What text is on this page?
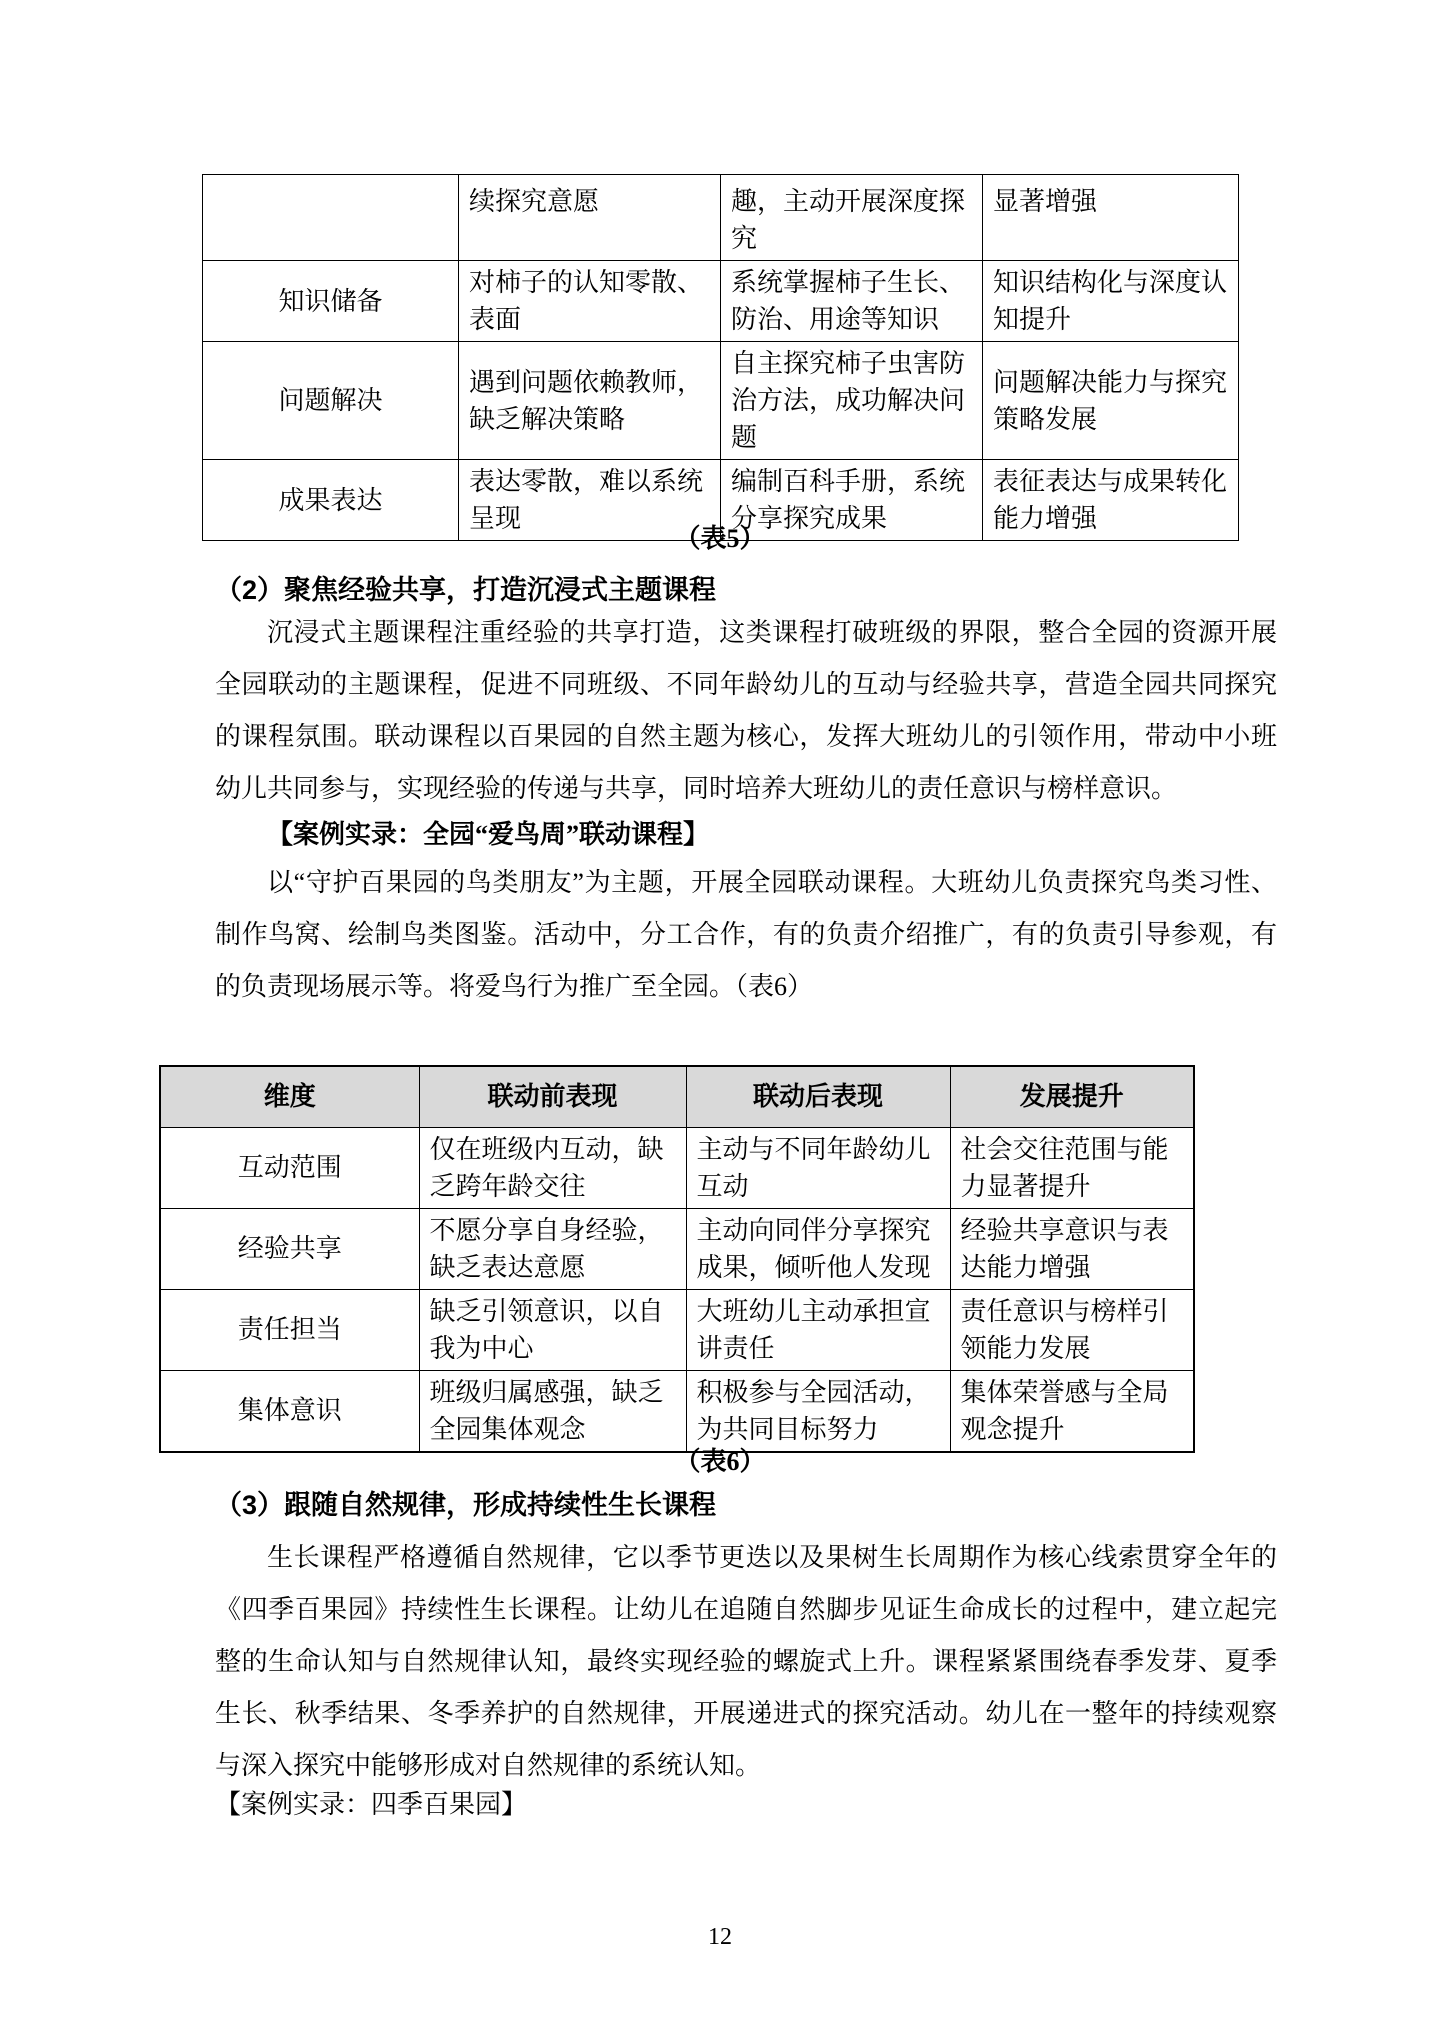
	续探究意愿	趣，主动开展深度探究	显著增强
知识储备	对柿子的认知零散、表面	系统掌握柿子生长、防治、用途等知识	知识结构化与深度认知提升
问题解决	遇到问题依赖教师，缺乏解决策略	自主探究柿子虫害防治方法，成功解决问题	问题解决能力与探究策略发展
成果表达	表达零散，难以系统呈现	编制百科手册，系统分享探究成果	表征表达与成果转化能力增强
（表5）
（2）聚焦经验共享，打造沉浸式主题课程
沉浸式主题课程注重经验的共享打造，这类课程打破班级的界限，整合全园的资源开展全园联动的主题课程，促进不同班级、不同年龄幼儿的互动与经验共享，营造全园共同探究的课程氛围。联动课程以百果园的自然主题为核心，发挥大班幼儿的引领作用，带动中小班幼儿共同参与，实现经验的传递与共享，同时培养大班幼儿的责任意识与榜样意识。
【案例实录：全园“爱鸟周”联动课程】
以“守护百果园的鸟类朋友”为主题，开展全园联动课程。大班幼儿负责探究鸟类习性、制作鸟窝、绘制鸟类图鉴。活动中，分工合作，有的负责介绍推广，有的负责引导参观，有的负责现场展示等。将爱鸟行为推广至全园。（表6）
维度	联动前表现	联动后表现	发展提升
互动范围	仅在班级内互动，缺乏跨年龄交往	主动与不同年龄幼儿互动	社会交往范围与能力显著提升
经验共享	不愿分享自身经验，缺乏表达意愿	主动向同伴分享探究成果，倾听他人发现	经验共享意识与表达能力增强
责任担当	缺乏引领意识，以自我为中心	大班幼儿主动承担宣讲责任	责任意识与榜样引领能力发展
集体意识	班级归属感强，缺乏全园集体观念	积极参与全园活动，为共同目标努力	集体荣誉感与全局观念提升
（表6）
（3）跟随自然规律，形成持续性生长课程
生长课程严格遵循自然规律，它以季节更迭以及果树生长周期作为核心线索贯穿全年的《四季百果园》持续性生长课程。让幼儿在追随自然脚步见证生命成长的过程中，建立起完整的生命认知与自然规律认知，最终实现经验的螺旋式上升。课程紧紧围绕春季发芽、夏季生长、秋季结果、冬季养护的自然规律，开展递进式的探究活动。幼儿在一整年的持续观察与深入探究中能够形成对自然规律的系统认知。
【案例实录：四季百果园】
12
